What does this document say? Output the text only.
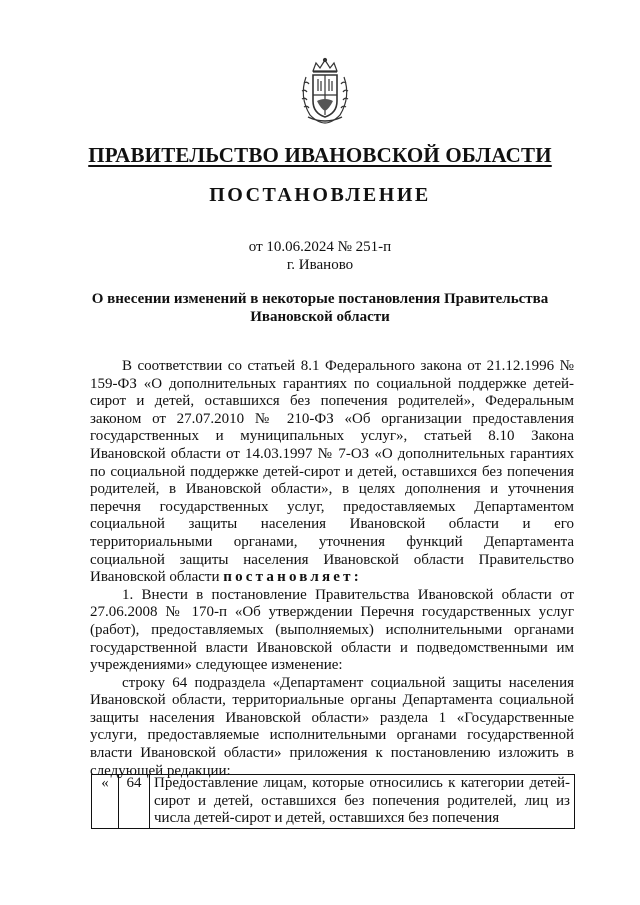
ПРАВИТЕЛЬСТВО ИВАНОВСКОЙ ОБЛАСТИ
ПОСТАНОВЛЕНИЕ
от 10.06.2024 № 251-п
г. Иваново
О внесении изменений в некоторые постановления Правительства
Ивановской области

В соответствии со статьей 8.1 Федерального закона от 21.12.1996 № 159-ФЗ «О дополнительных гарантиях по социальной поддержке детей-сирот и детей, оставшихся без попечения родителей», Федеральным законом от 27.07.2010 № 210-ФЗ «Об организации предоставления государственных и муниципальных услуг», статьей 8.10 Закона Ивановской области от 14.03.1997 № 7-ОЗ «О дополнительных гарантиях по социальной поддержке детей-сирот и детей, оставшихся без попечения родителей, в Ивановской области», в целях дополнения и уточнения перечня государственных услуг, предоставляемых Департаментом социальной защиты населения Ивановской области и его территориальными органами, уточнения функций Департамента социальной защиты населения Ивановской области Правительство Ивановской области постановляет:

1. Внести в постановление Правительства Ивановской области от 27.06.2008 № 170-п «Об утверждении Перечня государственных услуг (работ), предоставляемых (выполняемых) исполнительными органами государственной власти Ивановской области и подведомственными им учреждениями» следующее изменение:

строку 64 подраздела «Департамент социальной защиты населения Ивановской области, территориальные органы Департамента социальной защиты населения Ивановской области» раздела 1 «Государственные услуги, предоставляемые исполнительными органами государственной власти Ивановской области» приложения к постановлению изложить в следующей редакции:

«	64	Предоставление лицам, которые относились к категории детей-сирот и детей, оставшихся без попечения родителей, лиц из числа детей-сирот и детей, оставшихся без попечения
